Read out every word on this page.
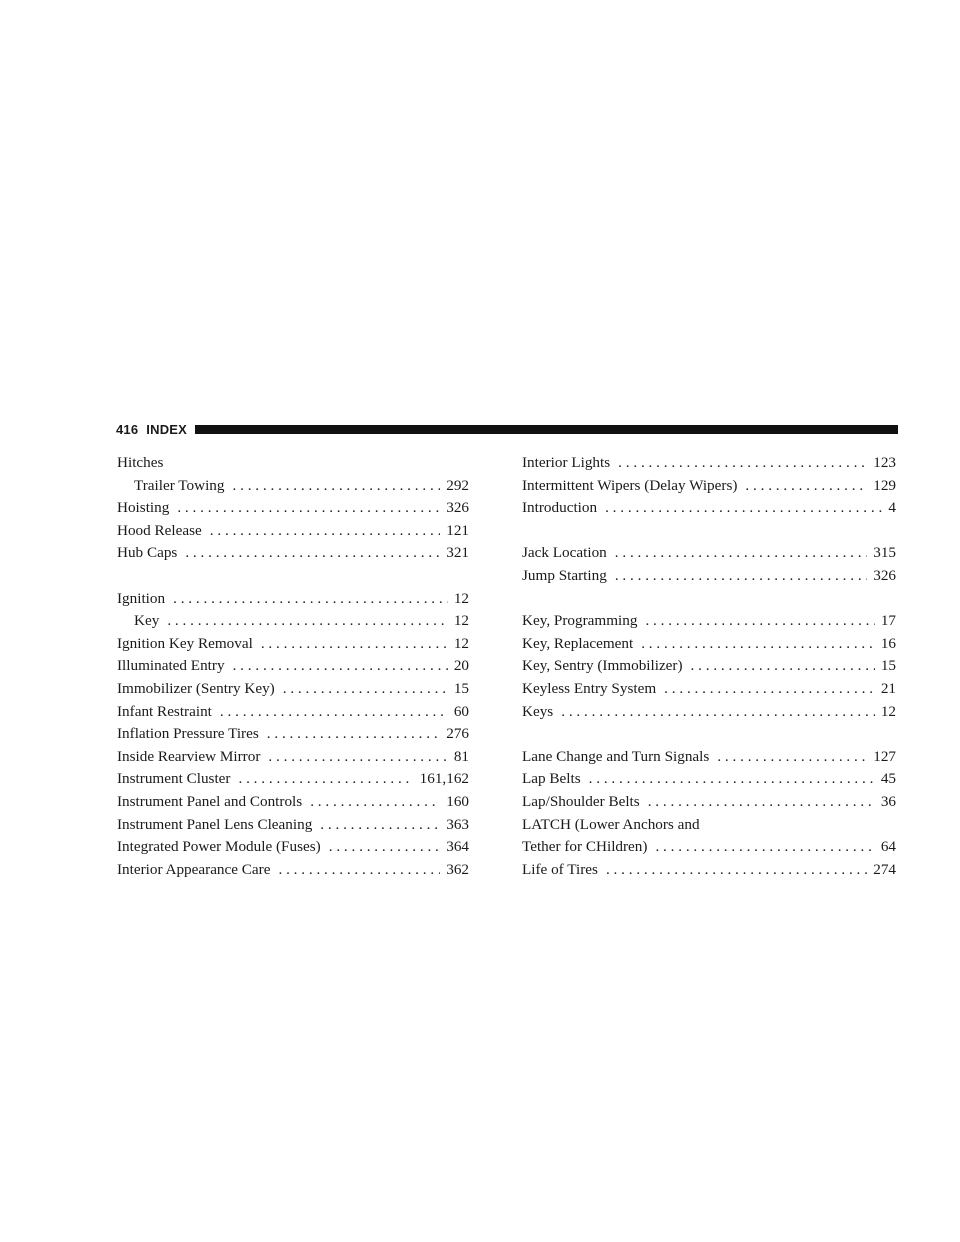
416 INDEX
Hitches
Trailer Towing . . .	292
Hoisting . . .	326
Hood Release . . .	121
Hub Caps . . .	321
Ignition . . .	12
Key . . .	12
Ignition Key Removal . . .	12
Illuminated Entry . . .	20
Immobilizer (Sentry Key) . . .	15
Infant Restraint . . .	60
Inflation Pressure Tires . . .	276
Inside Rearview Mirror . . .	81
Instrument Cluster . . .	161,162
Instrument Panel and Controls . . .	160
Instrument Panel Lens Cleaning . . .	363
Integrated Power Module (Fuses) . . .	364
Interior Appearance Care . . .	362
Interior Lights . . .	123
Intermittent Wipers (Delay Wipers) . . .	129
Introduction . . .	4
Jack Location . . .	315
Jump Starting . . .	326
Key, Programming . . .	17
Key, Replacement . . .	16
Key, Sentry (Immobilizer) . . .	15
Keyless Entry System . . .	21
Keys . . .	12
Lane Change and Turn Signals . . .	127
Lap Belts . . .	45
Lap/Shoulder Belts . . .	36
LATCH (Lower Anchors and
Tether for CHildren) . . .	64
Life of Tires . . .	274
